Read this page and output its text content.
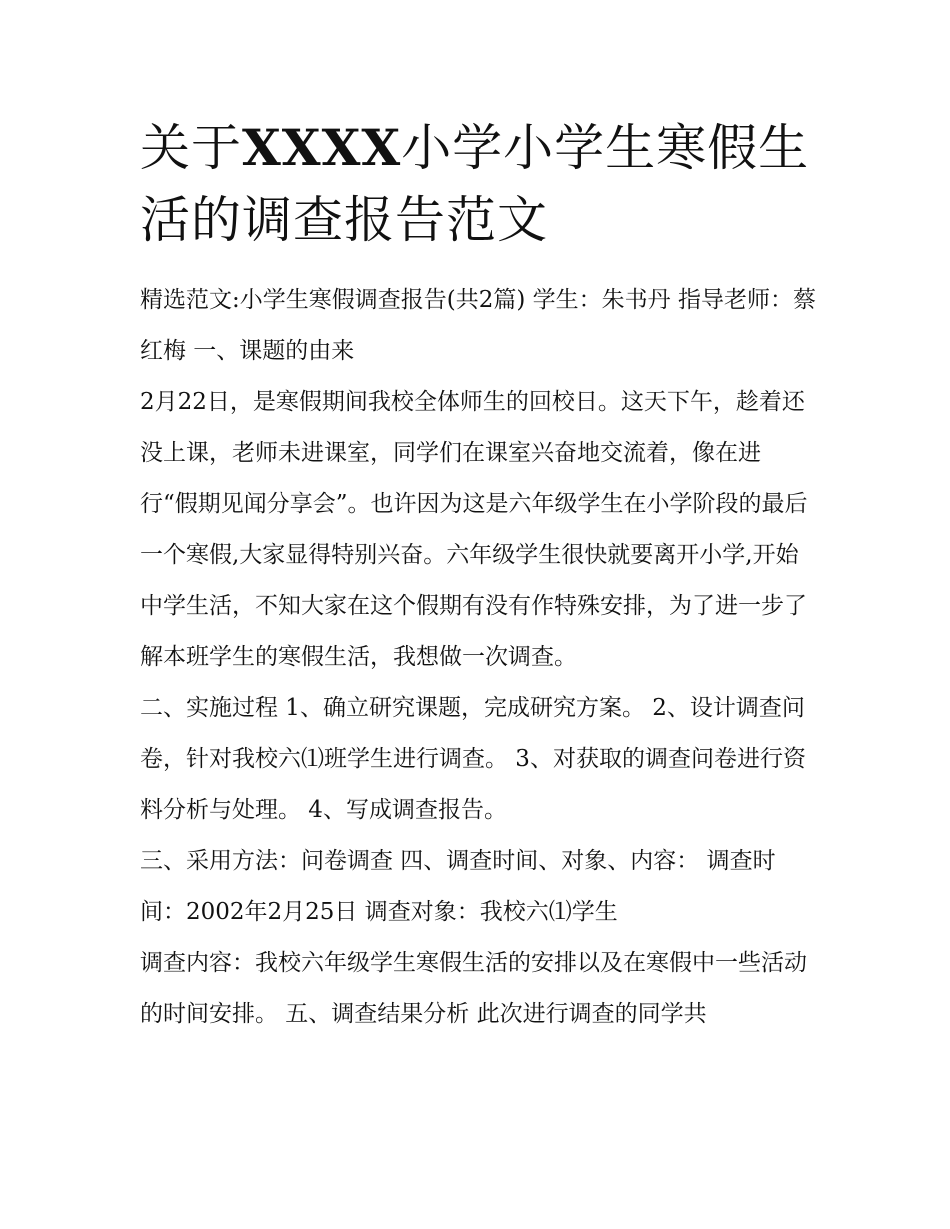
关于XXXX小学小学生寒假生活的调查报告范文

精选范文:小学生寒假调查报告(共2篇) 学生：朱书丹 指导老师：蔡红梅 一、课题的由来

2月22日，是寒假期间我校全体师生的回校日。这天下午，趁着还没上课，老师未进课室，同学们在课室兴奋地交流着，像在进行“假期见闻分享会”。也许因为这是六年级学生在小学阶段的最后一个寒假,大家显得特别兴奋。六年级学生很快就要离开小学,开始中学生活，不知大家在这个假期有没有作特殊安排，为了进一步了解本班学生的寒假生活，我想做一次调查。

二、实施过程 1、确立研究课题，完成研究方案。 2、设计调查问卷，针对我校六⑴班学生进行调查。 3、对获取的调查问卷进行资料分析与处理。 4、写成调查报告。

三、采用方法：问卷调查 四、调查时间、对象、内容： 调查时间：2002年2月25日 调查对象：我校六⑴学生

调查内容：我校六年级学生寒假生活的安排以及在寒假中一些活动的时间安排。 五、调查结果分析 此次进行调查的同学共
